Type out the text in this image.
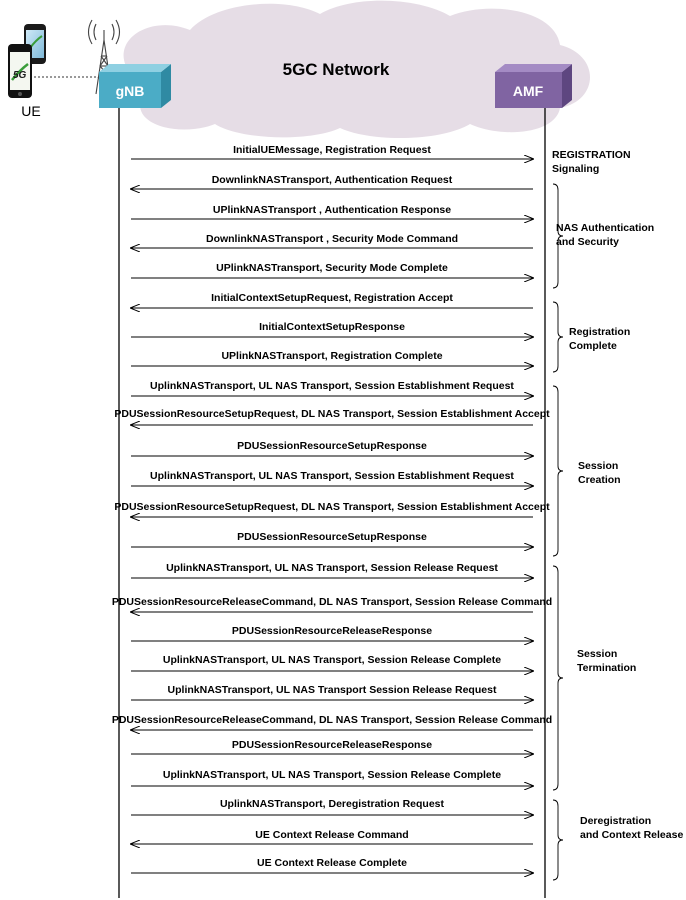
5GC Network
5G
UE
gNB	AMF
InitialUEMessage, Registration Request
DownlinkNASTransport, Authentication Request
UPlinkNASTransport , Authentication Response
DownlinkNASTransport , Security Mode Command
UPlinkNASTransport, Security Mode Complete
InitialContextSetupRequest, Registration Accept
InitialContextSetupResponse
UPlinkNASTransport, Registration Complete
UplinkNASTransport, UL NAS Transport, Session Establishment Request
PDUSessionResourceSetupRequest, DL NAS Transport, Session Establishment Accept
PDUSessionResourceSetupResponse
UplinkNASTransport, UL NAS Transport, Session Establishment Request
PDUSessionResourceSetupRequest, DL NAS Transport, Session Establishment Accept
PDUSessionResourceSetupResponse
UplinkNASTransport, UL NAS Transport, Session Release Request
PDUSessionResourceReleaseCommand, DL NAS Transport, Session Release Command
PDUSessionResourceReleaseResponse
UplinkNASTransport, UL NAS Transport, Session Release Complete
UplinkNASTransport, UL NAS Transport Session Release Request
PDUSessionResourceReleaseCommand, DL NAS Transport, Session Release Command
PDUSessionResourceReleaseResponse
UplinkNASTransport, UL NAS Transport, Session Release Complete
UplinkNASTransport, Deregistration Request
UE Context Release Command
UE Context Release Complete
REGISTRATION
Signaling
NAS Authentication
and Security
Registration
Complete
Session
Creation
Session
Termination
Deregistration
and Context Release
